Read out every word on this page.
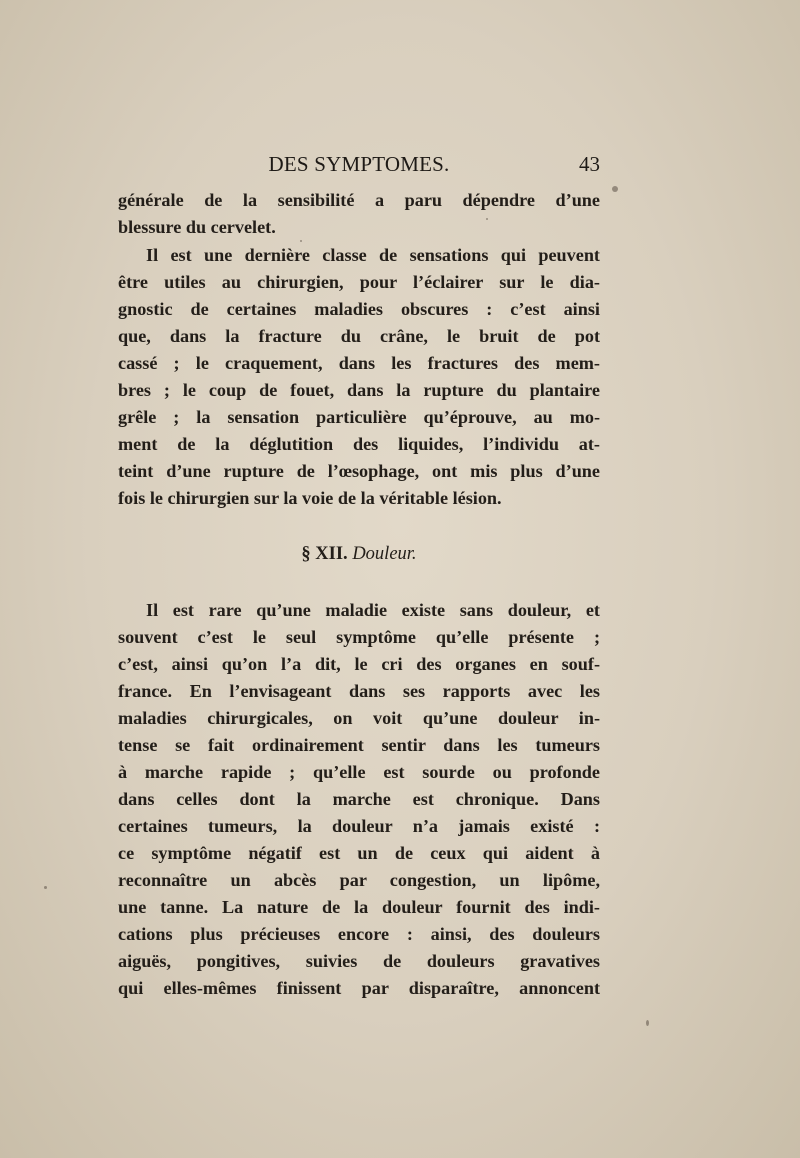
DES SYMPTOMES.	43
générale de la sensibilité a paru dépendre d’une
blessure du cervelet.
Il est une dernière classe de sensations qui peuvent
être utiles au chirurgien, pour l’éclairer sur le dia-
gnostic de certaines maladies obscures : c’est ainsi
que, dans la fracture du crâne, le bruit de pot
cassé ; le craquement, dans les fractures des mem-
bres ; le coup de fouet, dans la rupture du plantaire
grêle ; la sensation particulière qu’éprouve, au mo-
ment de la déglutition des liquides, l’individu at-
teint d’une rupture de l’œsophage, ont mis plus d’une
fois le chirurgien sur la voie de la véritable lésion.
§ XII. Douleur.
Il est rare qu’une maladie existe sans douleur, et
souvent c’est le seul symptôme qu’elle présente ;
c’est, ainsi qu’on l’a dit, le cri des organes en souf-
france. En l’envisageant dans ses rapports avec les
maladies chirurgicales, on voit qu’une douleur in-
tense se fait ordinairement sentir dans les tumeurs
à marche rapide ; qu’elle est sourde ou profonde
dans celles dont la marche est chronique. Dans
certaines tumeurs, la douleur n’a jamais existé :
ce symptôme négatif est un de ceux qui aident à
reconnaître un abcès par congestion, un lipôme,
une tanne. La nature de la douleur fournit des indi-
cations plus précieuses encore : ainsi, des douleurs
aiguës, pongitives, suivies de douleurs gravatives
qui elles-mêmes finissent par disparaître, annoncent
